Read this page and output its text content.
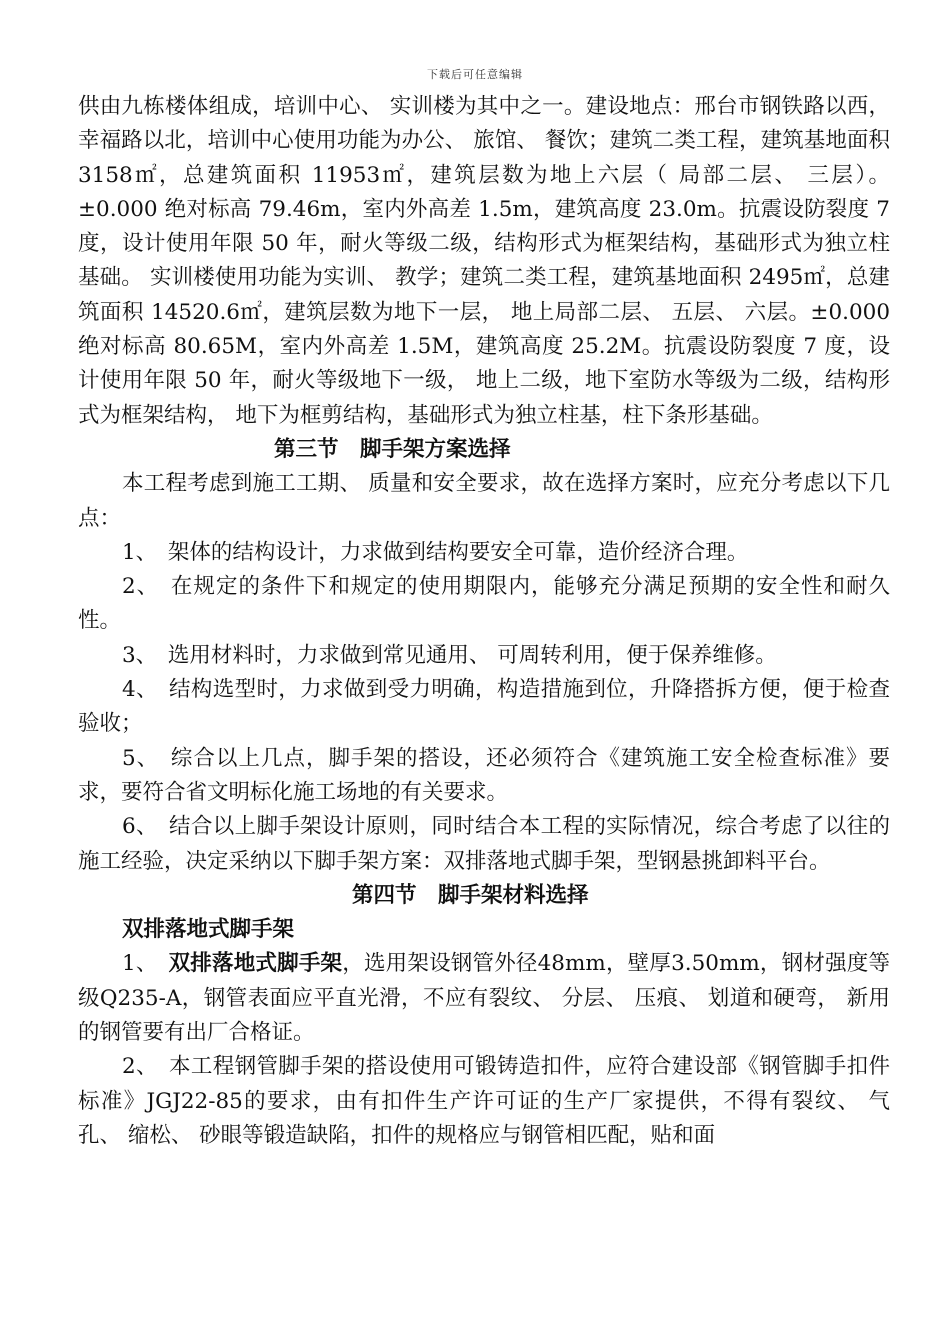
下载后可任意编辑

供由九栋楼体组成，培训中心、 实训楼为其中之一。建设地点：邢台市钢铁路以西，幸福路以北，培训中心使用功能为办公、 旅馆、 餐饮；建筑二类工程，建筑基地面积 3158㎡，总建筑面积 11953㎡，建筑层数为地上六层（ 局部二层、 三层）。±0.000 绝对标高 79.46m，室内外高差 1.5m，建筑高度 23.0m。抗震设防裂度 7 度，设计使用年限 50 年，耐火等级二级，结构形式为框架结构，基础形式为独立柱基础。 实训楼使用功能为实训、 教学；建筑二类工程，建筑基地面积 2495㎡，总建筑面积 14520.6㎡，建筑层数为地下一层， 地上局部二层、 五层、 六层。±0.000 绝对标高 80.65M，室内外高差 1.5M，建筑高度 25.2M。抗震设防裂度 7 度，设计使用年限 50 年，耐火等级地下一级， 地上二级，地下室防水等级为二级，结构形式为框架结构， 地下为框剪结构，基础形式为独立柱基，柱下条形基础。

第三节　脚手架方案选择

本工程考虑到施工工期、 质量和安全要求，故在选择方案时，应充分考虑以下几点：

1、　架体的结构设计，力求做到结构要安全可靠，造价经济合理。

2、　在规定的条件下和规定的使用期限内，能够充分满足预期的安全性和耐久性。

3、　选用材料时，力求做到常见通用、 可周转利用，便于保养维修。

4、　结构选型时，力求做到受力明确，构造措施到位，升降搭拆方便，便于检查验收；

5、　综合以上几点，脚手架的搭设，还必须符合《建筑施工安全检查标准》要求，要符合省文明标化施工场地的有关要求。

6、　结合以上脚手架设计原则，同时结合本工程的实际情况，综合考虑了以往的施工经验，决定采纳以下脚手架方案：双排落地式脚手架，型钢悬挑卸料平台。

第四节　脚手架材料选择

双排落地式脚手架

1、　双排落地式脚手架，选用架设钢管外径48mm，壁厚3.50mm，钢材强度等级Q235-A，钢管表面应平直光滑，不应有裂纹、 分层、 压痕、 划道和硬弯， 新用的钢管要有出厂合格证。

2、　本工程钢管脚手架的搭设使用可锻铸造扣件，应符合建设部《钢管脚手扣件标准》JGJ22-85的要求，由有扣件生产许可证的生产厂家提供，不得有裂纹、 气孔、 缩松、 砂眼等锻造缺陷，扣件的规格应与钢管相匹配，贴和面
